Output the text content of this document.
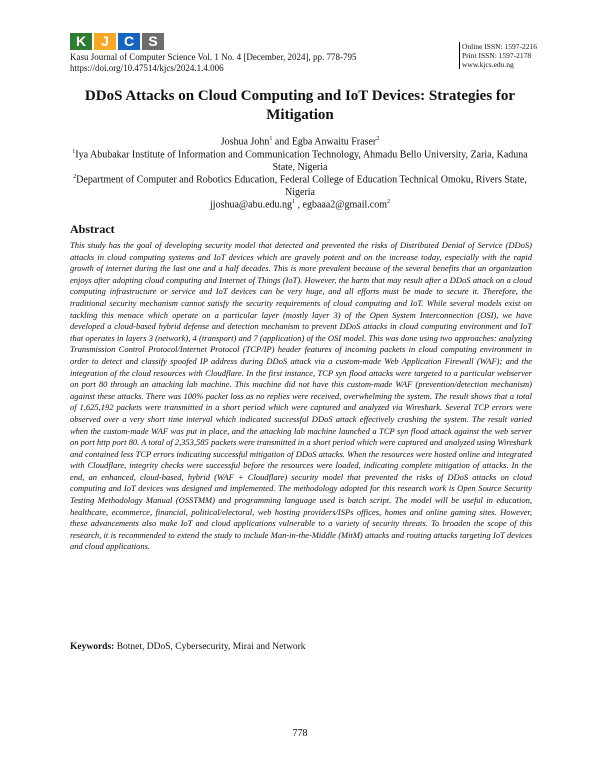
K	J	C	S
Kasu Journal of Computer Science Vol. 1 No. 4 [December, 2024], pp. 778-795
https://doi.org/10.47514/kjcs/2024.1.4.006
Online ISSN: 1597-2216
Print ISSN: 1597-2178
www.kjcs.edu.ng
DDoS Attacks on Cloud Computing and IoT Devices: Strategies for Mitigation
Joshua John$^1$ and Egba Anwaitu Fraser$^2$
$^1$Iya Abubakar Institute of Information and Communication Technology, Ahmadu Bello University, Zaria, Kaduna State, Nigeria
$^2$Department of Computer and Robotics Education, Federal College of Education Technical Omoku, Rivers State, Nigeria
$jjoshua@abu.edu.ng^1$ , egbaaa2@gmail.com$^2$
Abstract

This study has the goal of developing security model that detected and prevented the risks of Distributed Denial of Service (DDoS) attacks in cloud computing systems and IoT devices which are gravely potent and on the increase today, especially with the rapid growth of internet during the last one and a half decades. This is more prevalent because of the several benefits that an organization enjoys after adopting cloud computing and Internet of Things (IoT). However, the harm that may result after a DDoS attack on a cloud computing infrastructure or service and IoT devices can be very huge, and all efforts must be made to secure it. Therefore, the traditional security mechanism cannot satisfy the security requirements of cloud computing and IoT. While several models exist on tackling this menace which operate on a particular layer (mostly layer 3) of the Open System Interconnection (OSI), we have developed a cloud-based hybrid defense and detection mechanism to prevent DDoS attacks in cloud computing environment and IoT that operates in layers 3 (network), 4 (transport) and 7 (application) of the OSI model. This was done using two approaches: analyzing Transmission Control Protocol/Internet Protocol (TCP/IP) header features of incoming packets in cloud computing environment in order to detect and classify spoofed IP address during DDoS attack via a custom-made Web Application Firewall (WAF); and the integration of the cloud resources with Cloudflare. In the first instance, TCP syn flood attacks were targeted to a particular webserver on port 80 through an attacking lab machine. This machine did not have this custom-made WAF (prevention/detection mechanism) against these attacks. There was 100% packet loss as no replies were received, overwhelming the system. The result shows that a total of 1,625,192 packets were transmitted in a short period which were captured and analyzed via Wireshark. Several TCP errors were observed over a very short time interval which indicated successful DDoS attack effectively crashing the system. The result varied when the custom-made WAF was put in place, and the attacking lab machine launched a TCP syn flood attack against the web server on port http port 80. A total of 2,353,585 packets were transmitted in a short period which were captured and analyzed using Wireshark and contained less TCP errors indicating successful mitigation of DDoS attacks. When the resources were hosted online and integrated with Cloudflare, integrity checks were successful before the resources were loaded, indicating complete mitigation of attacks. In the end, an enhanced, cloud-based, hybrid (WAF + Cloudflare) security model that prevented the risks of DDoS attacks on cloud computing and IoT devices was designed and implemented. The methodology adopted for this research work is Open Source Security Testing Methodology Manual (OSSTMM) and programming language used is batch script. The model will be useful in education, healthcare, ecommerce, financial, political/electoral, web hosting providers/ISPs offices, homes and online gaming sites. However, these advancements also make IoT and cloud applications vulnerable to a variety of security threats. To broaden the scope of this research, it is recommended to extend the study to include Man-in-the-Middle (MitM) attacks and routing attacks targeting IoT devices and cloud applications.

Keywords: Botnet, DDoS, Cybersecurity, Mirai and Network
778
